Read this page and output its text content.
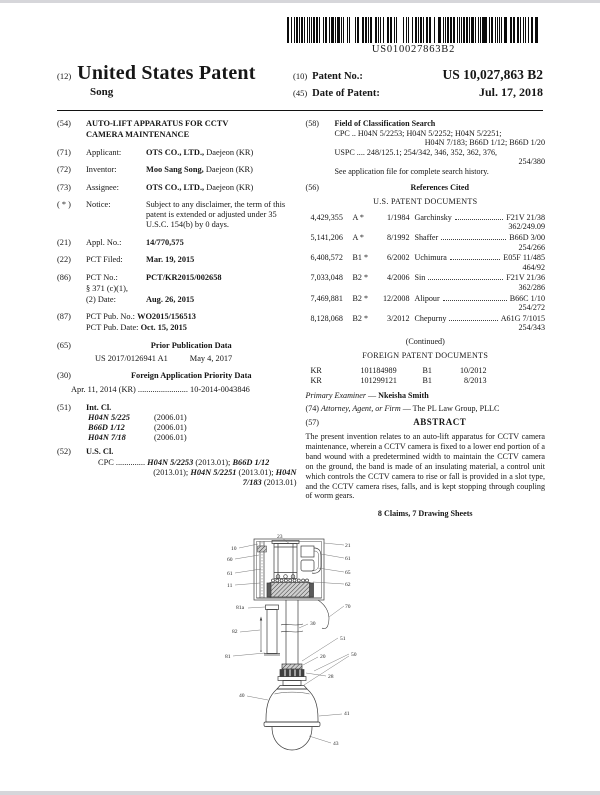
US010027863B2
(12) United States Patent
Song
(10) Patent No.:	US 10,027,863 B2
(45) Date of Patent:	Jul. 17, 2018
(54)	AUTO-LIFT APPARATUS FOR CCTV CAMERA MAINTENANCE
(71)	Applicant:	OTS CO., LTD., Daejeon (KR)
(72)	Inventor:	Moo Sang Song, Daejeon (KR)
(73)	Assignee:	OTS CO., LTD., Daejeon (KR)
( * )	Notice:	Subject to any disclaimer, the term of this patent is extended or adjusted under 35 U.S.C. 154(b) by 0 days.
(21)	Appl. No.:	14/770,575
(22)	PCT Filed:	Mar. 19, 2015
(86)	PCT No.:	PCT/KR2015/002658
§ 371 (c)(1),
(2) Date:	Aug. 26, 2015
(87)	PCT Pub. No.: WO2015/156513
PCT Pub. Date: Oct. 15, 2015
(65)	Prior Publication Data
US 2017/0126941 A1	May 4, 2017
(30)	Foreign Application Priority Data
Apr. 11, 2014 (KR) ........................ 10-2014-0043846
(51)	Int. Cl.
H04N 5/225	(2006.01)
B66D 1/12	(2006.01)
H04N 7/18	(2006.01)
(52)	U.S. Cl.
CPC .............. H04N 5/2253 (2013.01); B66D 1/12
(2013.01); H04N 5/2251 (2013.01); H04N
7/183 (2013.01)
(58)	Field of Classification Search
CPC .. H04N 5/2253; H04N 5/2252; H04N 5/2251;
H04N 7/183; B66D 1/12; B66D 1/20
USPC .... 248/125.1; 254/342, 346, 352, 362, 376,
254/380
See application file for complete search history.
(56)	References Cited
U.S. PATENT DOCUMENTS
4,429,355	A *	1/1984 Garchinsky	F21V 21/38
362/249.09
5,141,206	A *	8/1992 Shaffer	B66D 3/00
254/266
6,408,572	B1 *	6/2002 Uchimura	E05F 11/485
464/92
7,033,048	B2 *	4/2006 Sin	F21V 21/36
362/286
7,469,881	B2 *	12/2008 Alipour	B66C 1/10
254/272
8,128,068	B2 *	3/2012 Chepurny	A61G 7/1015
254/343
(Continued)
FOREIGN PATENT DOCUMENTS
KR	101184989	B1	10/2012
KR	101299121	B1	8/2013
Primary Examiner — Nkeisha Smith
(74) Attorney, Agent, or Firm — The PL Law Group, PLLC
(57)	ABSTRACT
The present invention relates to an auto-lift apparatus for CCTV camera maintenance, wherein a CCTV camera is fixed to a lower end portion of a band wound with a predetermined width to maintain the CCTV camera on the ground, the band is made of an insulating material, a control unit which controls the CCTV camera to rise or fall is provided in a slot type, and the CCTV camera rises, falls, and is kept stopping through coupling of worm gears.
8 Claims, 7 Drawing Sheets
10
60
61
11
23
21
61
65
62
70
30
51
50
20
28
81a
82
81
40
41
43
